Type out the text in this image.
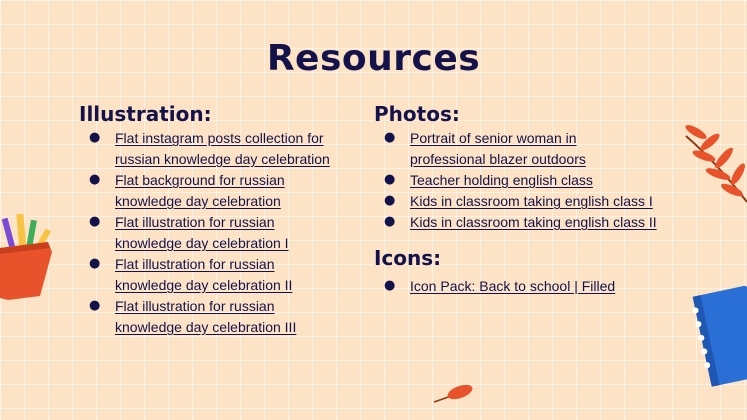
Resources
Illustration:
● Flat instagram posts collection for
russian knowledge day celebration
● Flat background for russian
knowledge day celebration
● Flat illustration for russian
knowledge day celebration I
● Flat illustration for russian
knowledge day celebration II
● Flat illustration for russian
knowledge day celebration III
Photos:
● Portrait of senior woman in
professional blazer outdoors
● Teacher holding english class
● Kids in classroom taking english class I
● Kids in classroom taking english class II
Icons:
● Icon Pack: Back to school | Filled
